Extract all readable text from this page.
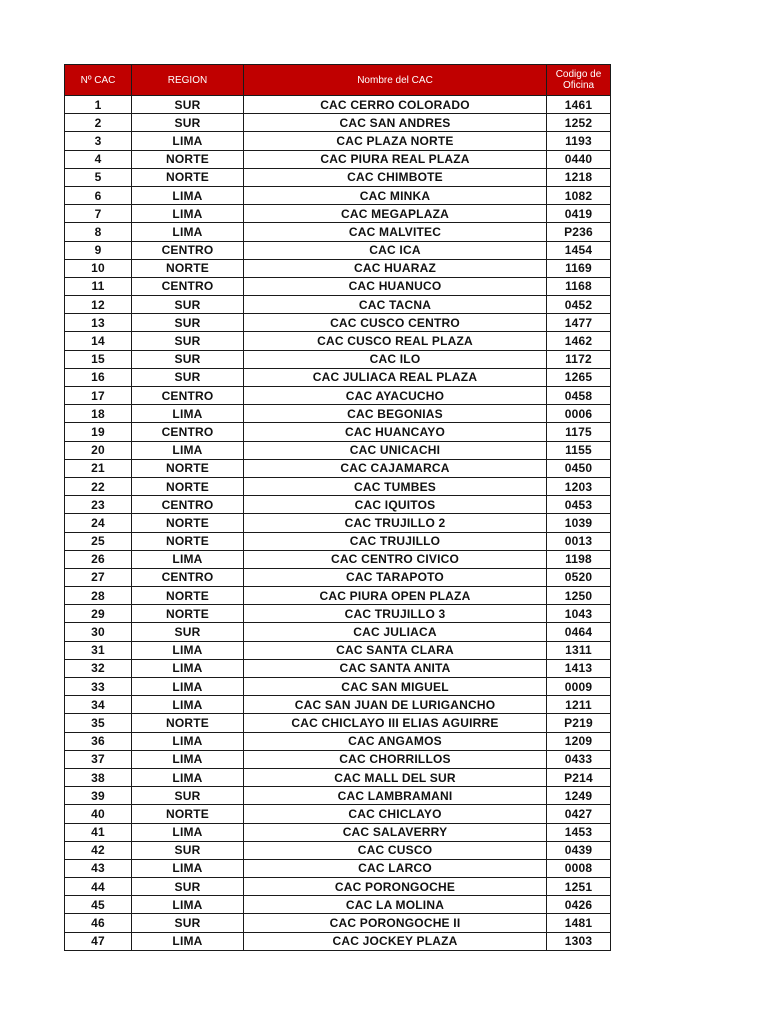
Nº CAC	REGION	Nombre del CAC	Codigo de Oficina
1	SUR	CAC CERRO COLORADO	1461
2	SUR	CAC SAN ANDRES	1252
3	LIMA	CAC PLAZA NORTE	1193
4	NORTE	CAC PIURA REAL PLAZA	0440
5	NORTE	CAC CHIMBOTE	1218
6	LIMA	CAC MINKA	1082
7	LIMA	CAC MEGAPLAZA	0419
8	LIMA	CAC MALVITEC	P236
9	CENTRO	CAC ICA	1454
10	NORTE	CAC HUARAZ	1169
11	CENTRO	CAC HUANUCO	1168
12	SUR	CAC TACNA	0452
13	SUR	CAC CUSCO CENTRO	1477
14	SUR	CAC CUSCO REAL PLAZA	1462
15	SUR	CAC ILO	1172
16	SUR	CAC JULIACA REAL PLAZA	1265
17	CENTRO	CAC AYACUCHO	0458
18	LIMA	CAC BEGONIAS	0006
19	CENTRO	CAC HUANCAYO	1175
20	LIMA	CAC UNICACHI	1155
21	NORTE	CAC CAJAMARCA	0450
22	NORTE	CAC TUMBES	1203
23	CENTRO	CAC IQUITOS	0453
24	NORTE	CAC TRUJILLO 2	1039
25	NORTE	CAC TRUJILLO	0013
26	LIMA	CAC CENTRO CIVICO	1198
27	CENTRO	CAC TARAPOTO	0520
28	NORTE	CAC PIURA OPEN PLAZA	1250
29	NORTE	CAC TRUJILLO 3	1043
30	SUR	CAC JULIACA	0464
31	LIMA	CAC SANTA CLARA	1311
32	LIMA	CAC SANTA ANITA	1413
33	LIMA	CAC SAN MIGUEL	0009
34	LIMA	CAC SAN JUAN DE LURIGANCHO	1211
35	NORTE	CAC CHICLAYO III ELIAS AGUIRRE	P219
36	LIMA	CAC ANGAMOS	1209
37	LIMA	CAC CHORRILLOS	0433
38	LIMA	CAC MALL DEL SUR	P214
39	SUR	CAC LAMBRAMANI	1249
40	NORTE	CAC CHICLAYO	0427
41	LIMA	CAC SALAVERRY	1453
42	SUR	CAC CUSCO	0439
43	LIMA	CAC LARCO	0008
44	SUR	CAC PORONGOCHE	1251
45	LIMA	CAC LA MOLINA	0426
46	SUR	CAC PORONGOCHE II	1481
47	LIMA	CAC JOCKEY PLAZA	1303
